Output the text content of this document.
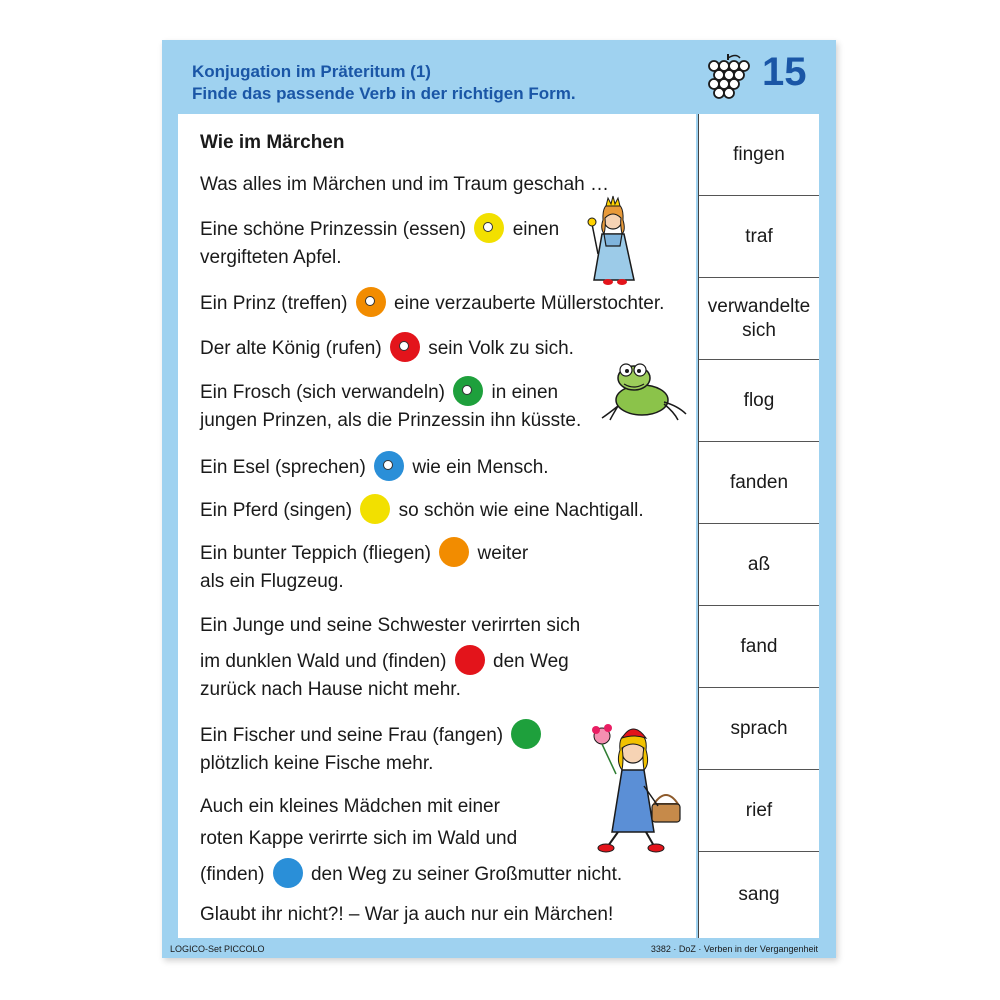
Konjugation im Präteritum (1)
Finde das passende Verb in der richtigen Form.	15
Wie im Märchen
Was alles im Märchen und im Traum geschah …
Eine schöne Prinzessin (essen) einen
vergifteten Apfel.
Ein Prinz (treffen) eine verzauberte Müllerstochter.
Der alte König (rufen) sein Volk zu sich.
Ein Frosch (sich verwandeln) in einen
jungen Prinzen, als die Prinzessin ihn küsste.
Ein Esel (sprechen) wie ein Mensch.
Ein Pferd (singen) so schön wie eine Nachtigall.
Ein bunter Teppich (fliegen) weiter
als ein Flugzeug.
Ein Junge und seine Schwester verirrten sich
im dunklen Wald und (finden) den Weg
zurück nach Hause nicht mehr.
Ein Fischer und seine Frau (fangen)
plötzlich keine Fische mehr.
Auch ein kleines Mädchen mit einer
roten Kappe verirrte sich im Wald und
(finden) den Weg zu seiner Großmutter nicht.
Glaubt ihr nicht?! – War ja auch nur ein Märchen!
fingen
traf
verwandelte sich
flog
fanden
aß
fand
sprach
rief
sang
LOGICO-Set PICCOLO	3382 · DoZ · Verben in der Vergangenheit
